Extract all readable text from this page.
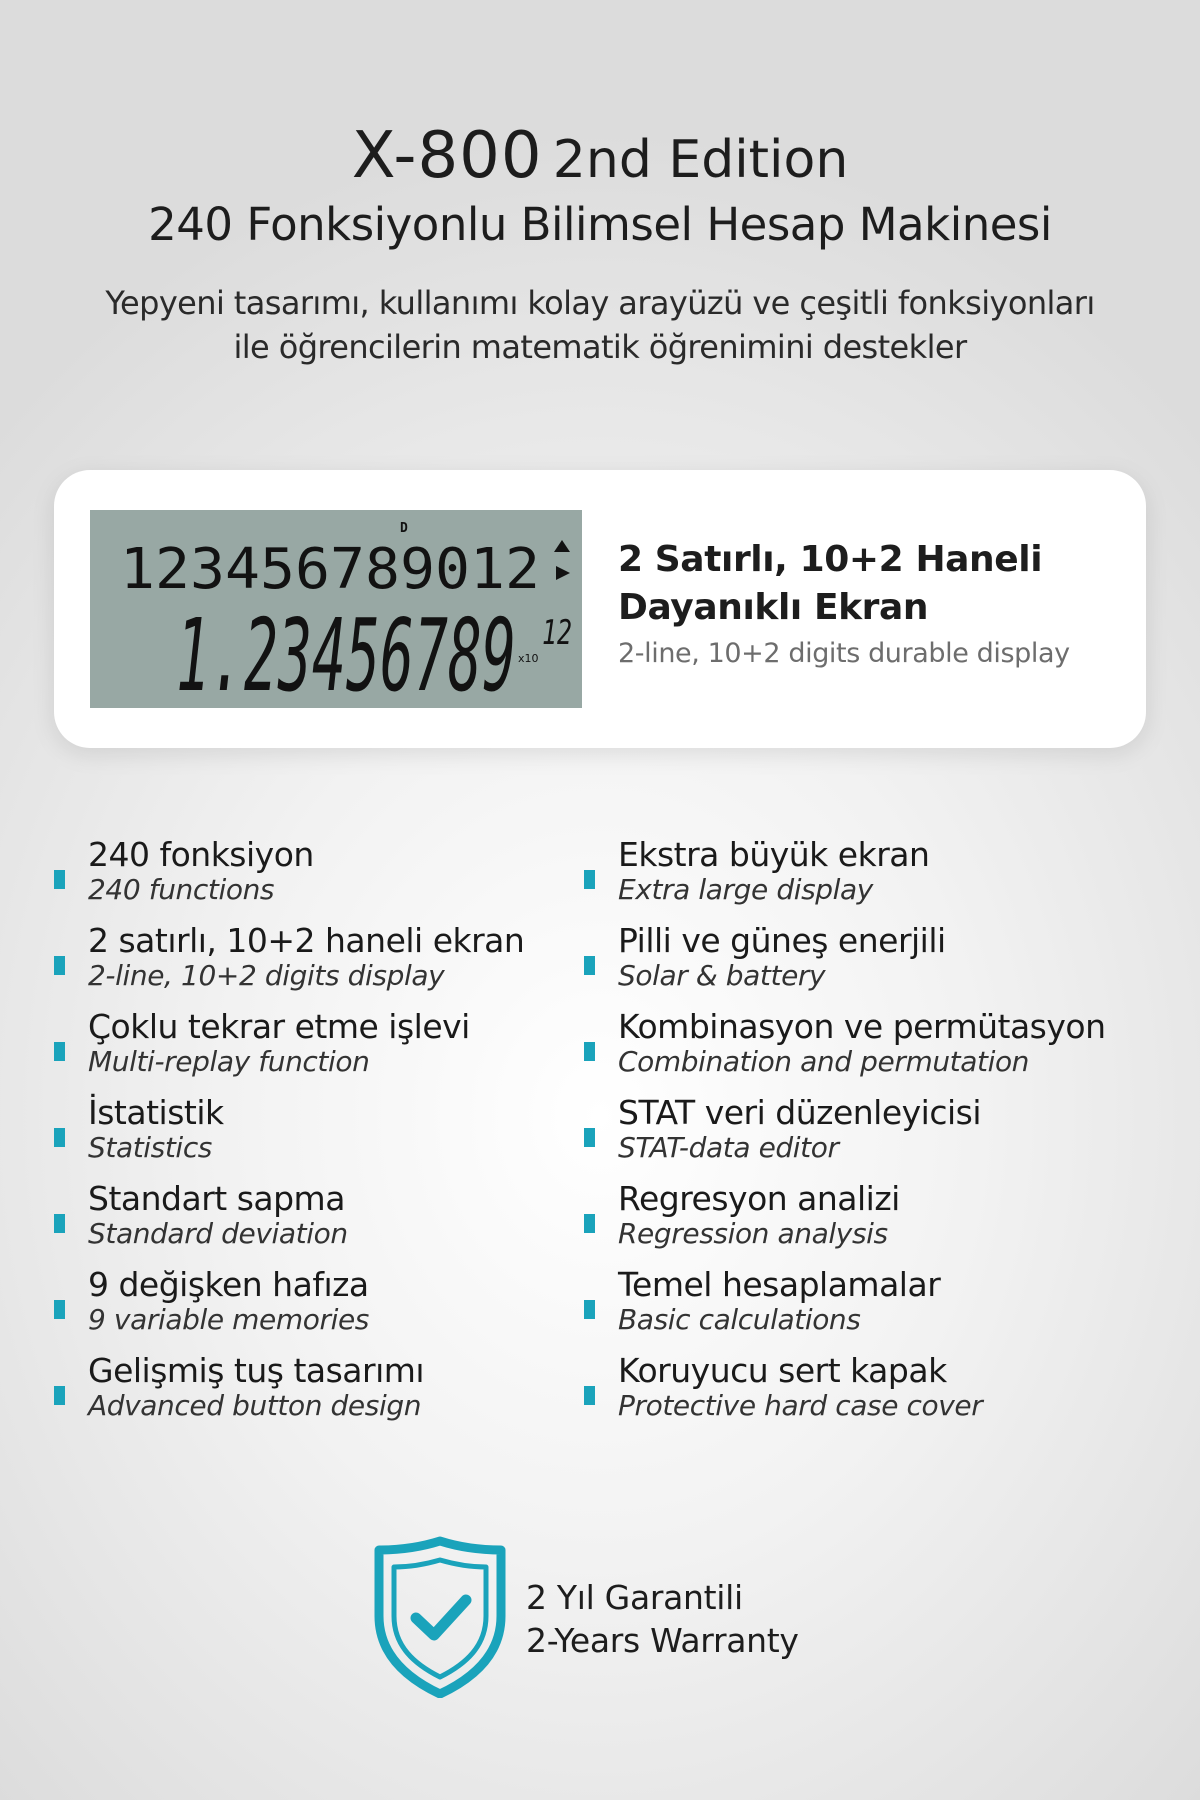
X-800 2nd Edition
240 Fonksiyonlu Bilimsel Hesap Makinesi

Yepyeni tasarımı, kullanımı kolay arayüzü ve çeşitli fonksiyonları
ile öğrencilerin matematik öğrenimini destekler

D
123456789012
1.23456789 x10
12
2 Satırlı, 10+2 Haneli
Dayanıklı Ekran

2-line, 10+2 digits durable display

240 fonksiyon
240 functions
2 satırlı, 10+2 haneli ekran
2-line, 10+2 digits display
Çoklu tekrar etme işlevi
Multi-replay function
İstatistik
Statistics
Standart sapma
Standard deviation
9 değişken hafıza
9 variable memories
Gelişmiş tuş tasarımı
Advanced button design
Ekstra büyük ekran
Extra large display
Pilli ve güneş enerjili
Solar & battery
Kombinasyon ve permütasyon
Combination and permutation
STAT veri düzenleyicisi
STAT-data editor
Regresyon analizi
Regression analysis
Temel hesaplamalar
Basic calculations
Koruyucu sert kapak
Protective hard case cover
2 Yıl Garantili
2-Years Warranty
